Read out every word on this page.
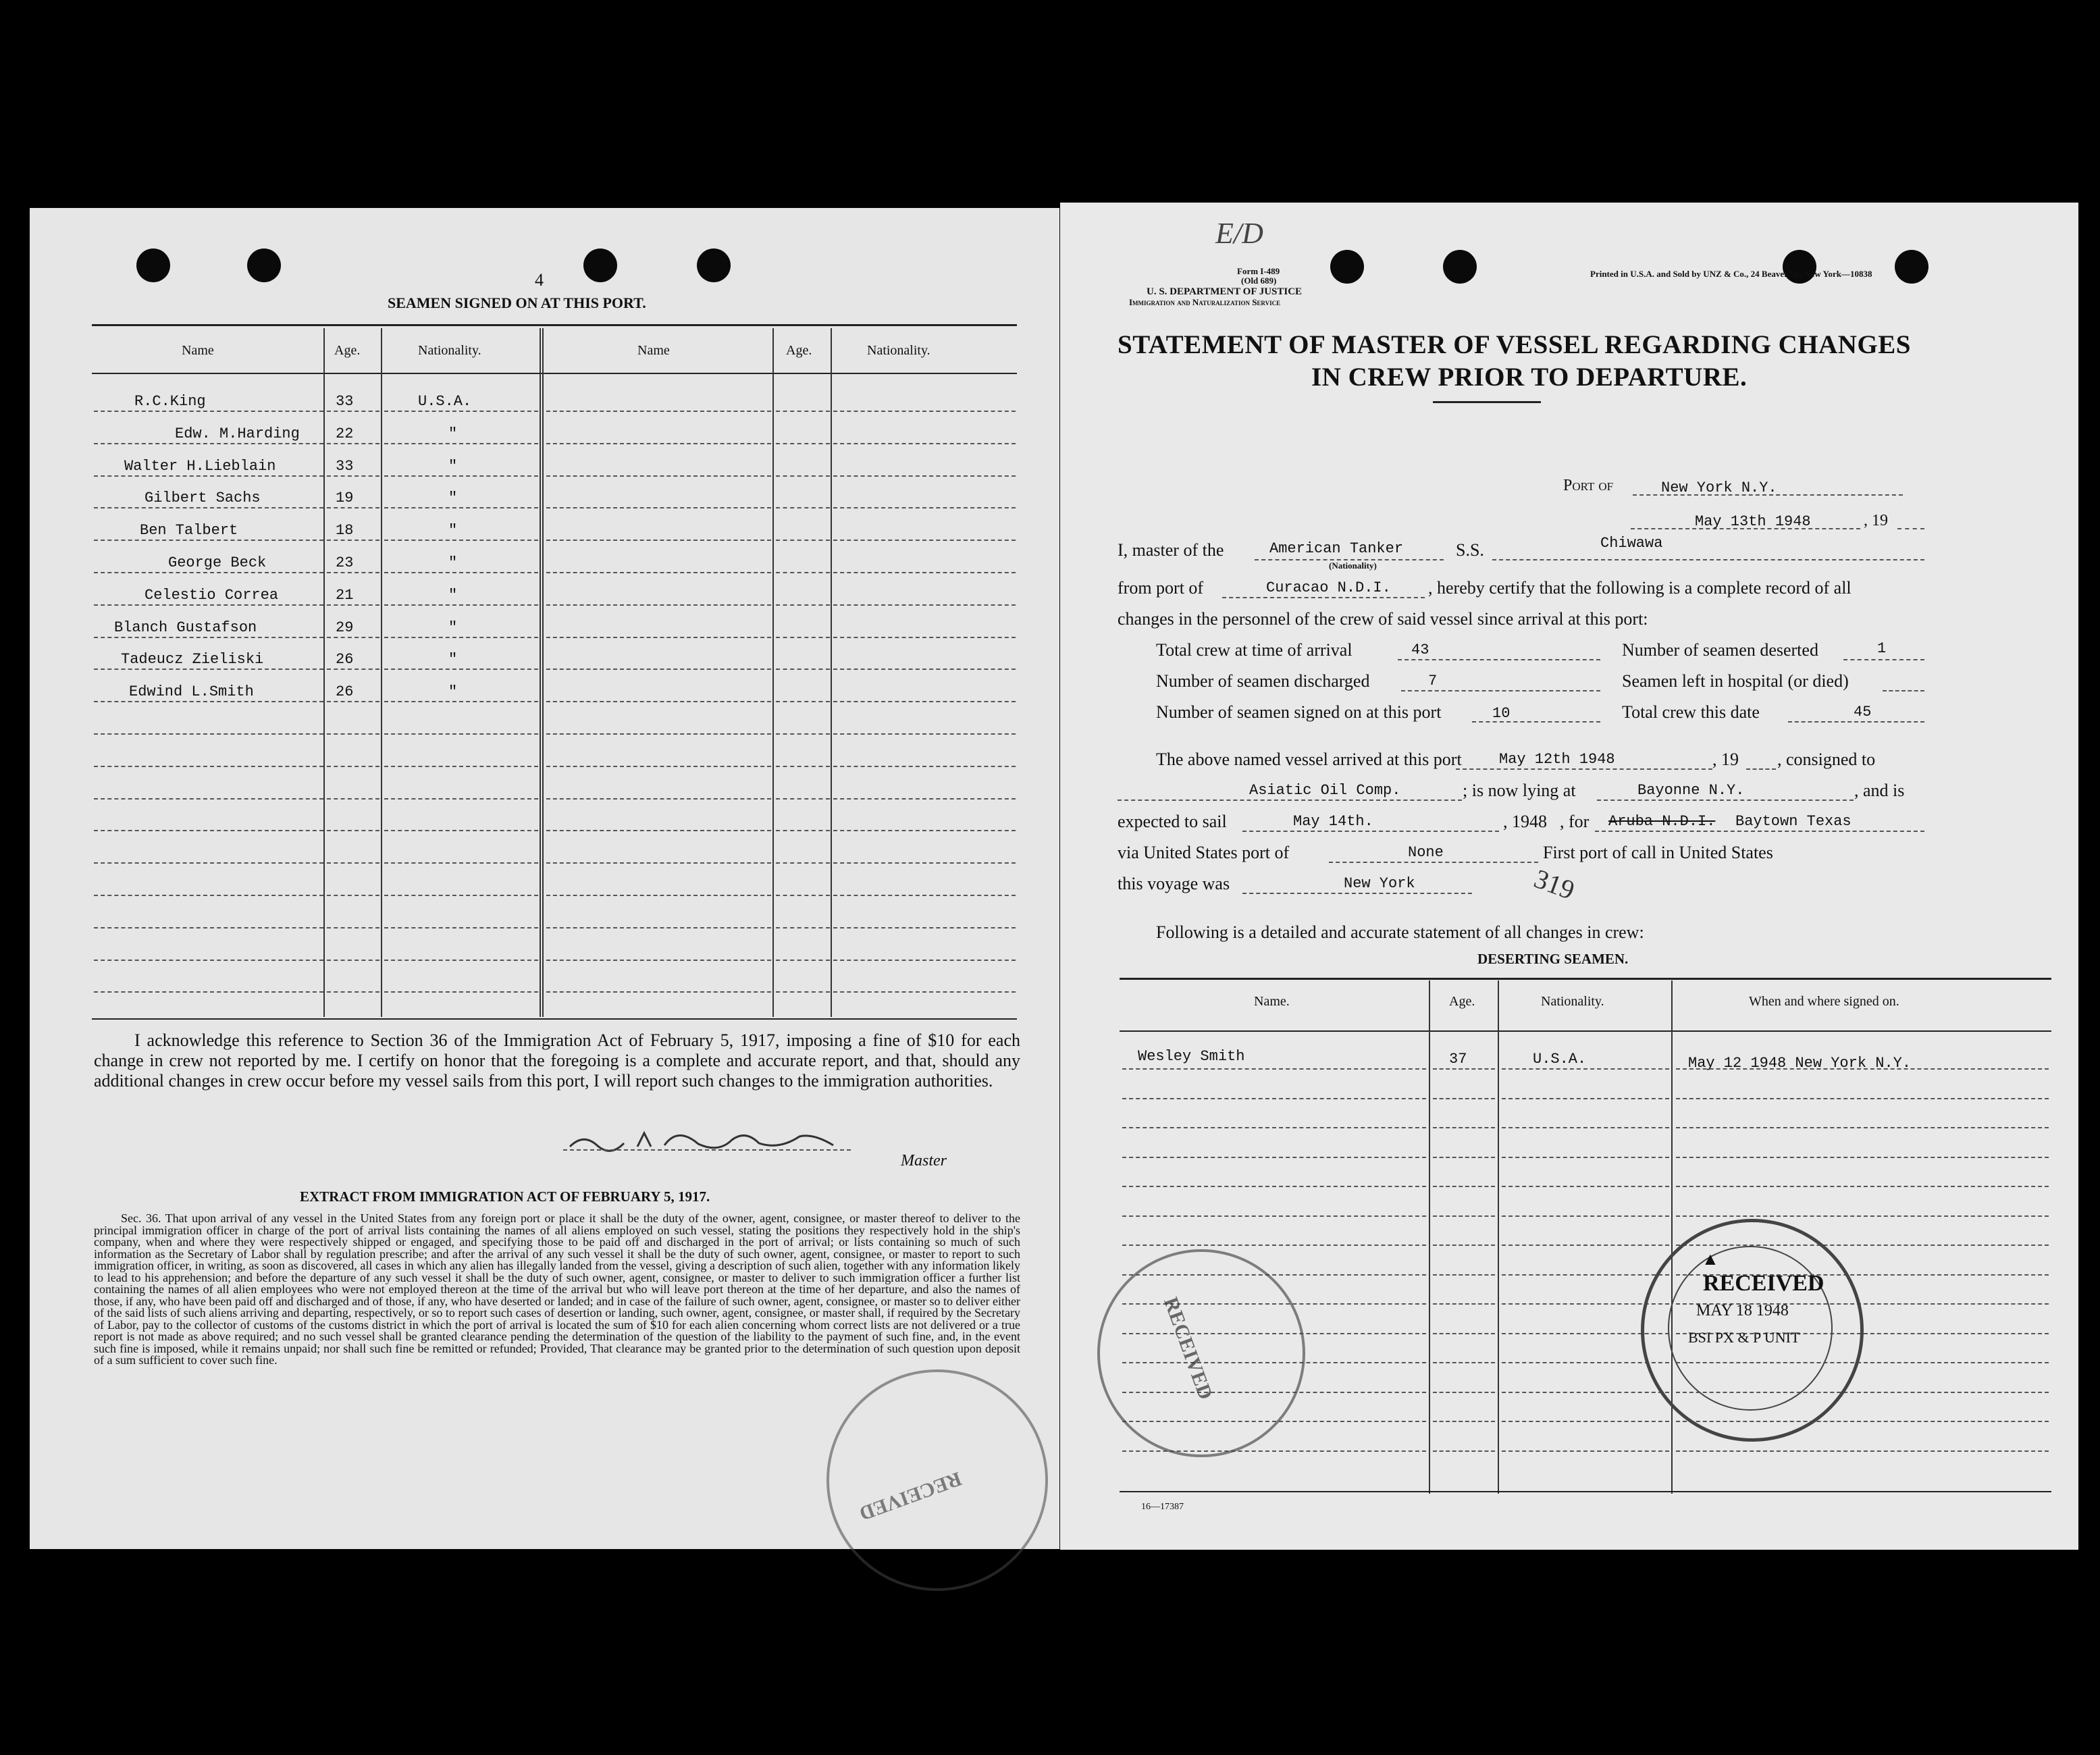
4
SEAMEN SIGNED ON AT THIS PORT.
Name	Age.	Nationality.	Name	Age.	Nationality.
R.C.King	33	U.S.A.
Edw. M.Harding 22	"
Walter H.Lieblain	33	"
Gilbert Sachs	19	"
Ben Talbert	18	"
George Beck	23	"
Celestio Correa	21	"
Blanch Gustafson	29	"
Tadeucz Zieliski	26	"
Edwind L.Smith	26	"
I acknowledge this reference to Section 36 of the Immigration Act of February 5, 1917, imposing a fine of $10 for each change in crew not reported by me. I certify on honor that the foregoing is a complete and accurate report, and that, should any additional changes in crew occur before my vessel sails from this port, I will report such changes to the immigration authorities.
Master
EXTRACT FROM IMMIGRATION ACT OF FEBRUARY 5, 1917.
Sec. 36. That upon arrival of any vessel in the United States from any foreign port or place it shall be the duty of the owner, agent, consignee, or master thereof to deliver to the principal immigration officer in charge of the port of arrival lists containing the names of all aliens employed on such vessel, stating the positions they respectively hold in the ship's company, when and where they were respectively shipped or engaged, and specifying those to be paid off and discharged in the port of arrival; or lists containing so much of such information as the Secretary of Labor shall by regulation prescribe; and after the arrival of any such vessel it shall be the duty of such owner, agent, consignee, or master to report to such immigration officer, in writing, as soon as discovered, all cases in which any alien has illegally landed from the vessel, giving a description of such alien, together with any information likely to lead to his apprehension; and before the departure of any such vessel it shall be the duty of such owner, agent, consignee, or master to deliver to such immigration officer a further list containing the names of all alien employees who were not employed thereon at the time of the arrival but who will leave port thereon at the time of her departure, and also the names of those, if any, who have been paid off and discharged and of those, if any, who have deserted or landed; and in case of the failure of such owner, agent, consignee, or master so to deliver either of the said lists of such aliens arriving and departing, respectively, or so to report such cases of desertion or landing, such owner, agent, consignee, or master shall, if required by the Secretary of Labor, pay to the collector of customs of the customs district in which the port of arrival is located the sum of $10 for each alien concerning whom correct lists are not delivered or a true report is not made as above required; and no such vessel shall be granted clearance pending the determination of the question of the liability to the payment of such fine, and, in the event such fine is imposed, while it remains unpaid; nor shall such fine be remitted or refunded; Provided, That clearance may be granted prior to the determination of such question upon deposit of a sum sufficient to cover such fine.
RECEIVED
E/D
Form I-489
(Old 689)
U. S. DEPARTMENT OF JUSTICE
Immigration and Naturalization Service
Printed in U.S.A. and Sold by UNZ & Co., 24 Beaver St., New York—10838
STATEMENT OF MASTER OF VESSEL REGARDING CHANGES
IN CREW PRIOR TO DEPARTURE.
Port of	New York N.Y.
May 13th 1948	, 19
I, master of the	American Tanker
(Nationality)
S.S.	Chiwawa
from port of	Curacao N.D.I. , hereby certify that the following is a complete record of all
changes in the personnel of the crew of said vessel since arrival at this port:
Total crew at time of arrival	43	Number of seamen deserted	1
Number of seamen discharged	7	Seamen left in hospital (or died)
Number of seamen signed on at this port	10	Total crew this date	45
The above named vessel arrived at this port	May 12th 1948	, 19 , consigned to
Asiatic Oil Comp.	; is now lying at	Bayonne N.Y.	, and is
expected to sail	May 14th.	, 1948 , for Aruba N.D.I. Baytown Texas
via United States port of	None	First port of call in United States
this voyage was	New York	319
Following is a detailed and accurate statement of all changes in crew:
DESERTING SEAMEN.
Name.	Age.	Nationality.	When and where signed on.
Wesley Smith	37	U.S.A.	May 12 1948 New York N.Y.
▲
RECEIVED
MAY 18 1948
BSI PX & P UNIT
RECEIVED
16—17387
